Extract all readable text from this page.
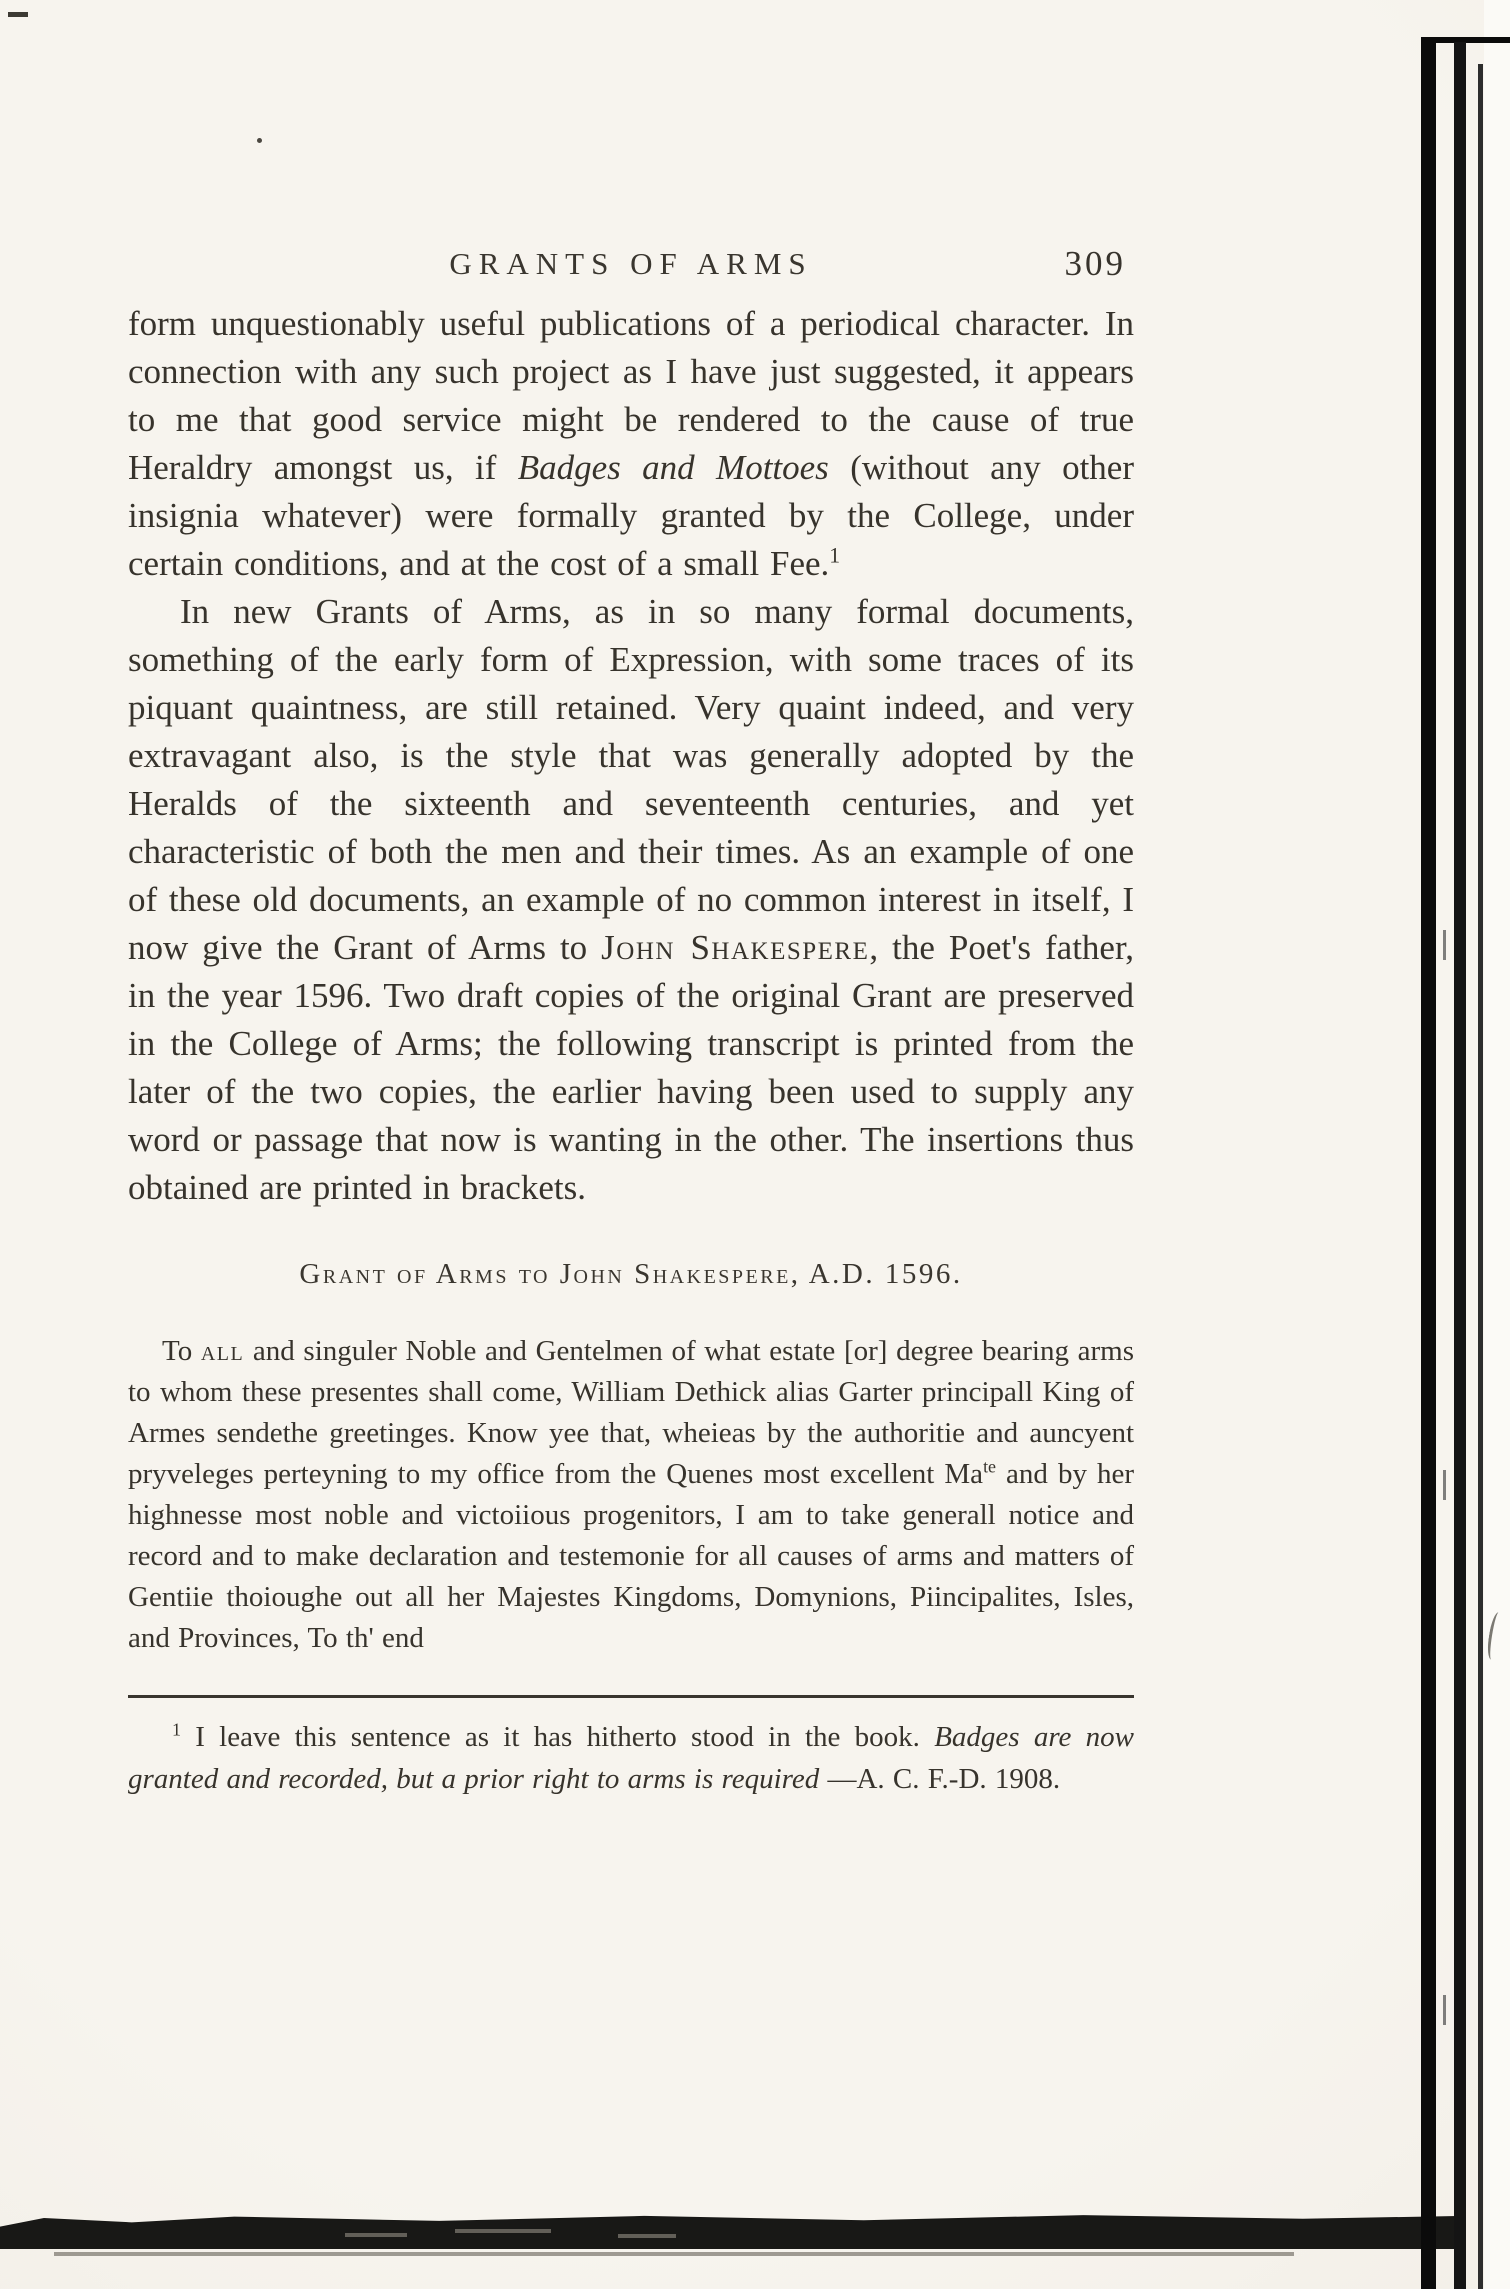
GRANTS OF ARMS	309

form unquestionably useful publications of a periodical character. In connection with any such project as I have just suggested, it appears to me that good service might be rendered to the cause of true Heraldry amongst us, if Badges and Mottoes (without any other insignia whatever) were formally granted by the College, under certain conditions, and at the cost of a small Fee.$^1$

In new Grants of Arms, as in so many formal documents, something of the early form of Expression, with some traces of its piquant quaintness, are still retained. Very quaint indeed, and very extravagant also, is the style that was generally adopted by the Heralds of the sixteenth and seventeenth centuries, and yet characteristic of both the men and their times. As an example of one of these old documents, an example of no common interest in itself, I now give the Grant of Arms to John Shakespere, the Poet's father, in the year 1596. Two draft copies of the original Grant are preserved in the College of Arms; the following transcript is printed from the later of the two copies, the earlier having been used to supply any word or passage that now is wanting in the other. The insertions thus obtained are printed in brackets.

Grant of Arms to John Shakespere, A.D. 1596.

To all and singuler Noble and Gentelmen of what estate [or] degree bearing arms to whom these presentes shall come, William Dethick alias Garter principall King of Armes sendethe greetinges. Know yee that, wheieas by the authoritie and auncyent pryveleges perteyning to my office from the Quenes most excellent $Ma^{te}$ and by her highnesse most noble and victoiious progenitors, I am to take generall notice and record and to make declaration and testemonie for all causes of arms and matters of Gentiie thoioughe out all her Majestes Kingdoms, Domynions, Piincipalites, Isles, and Provinces, To th' end

$^1$ I leave this sentence as it has hitherto stood in the book. Badges are now granted and recorded, but a prior right to arms is required —A. C. F.-D. 1908.
